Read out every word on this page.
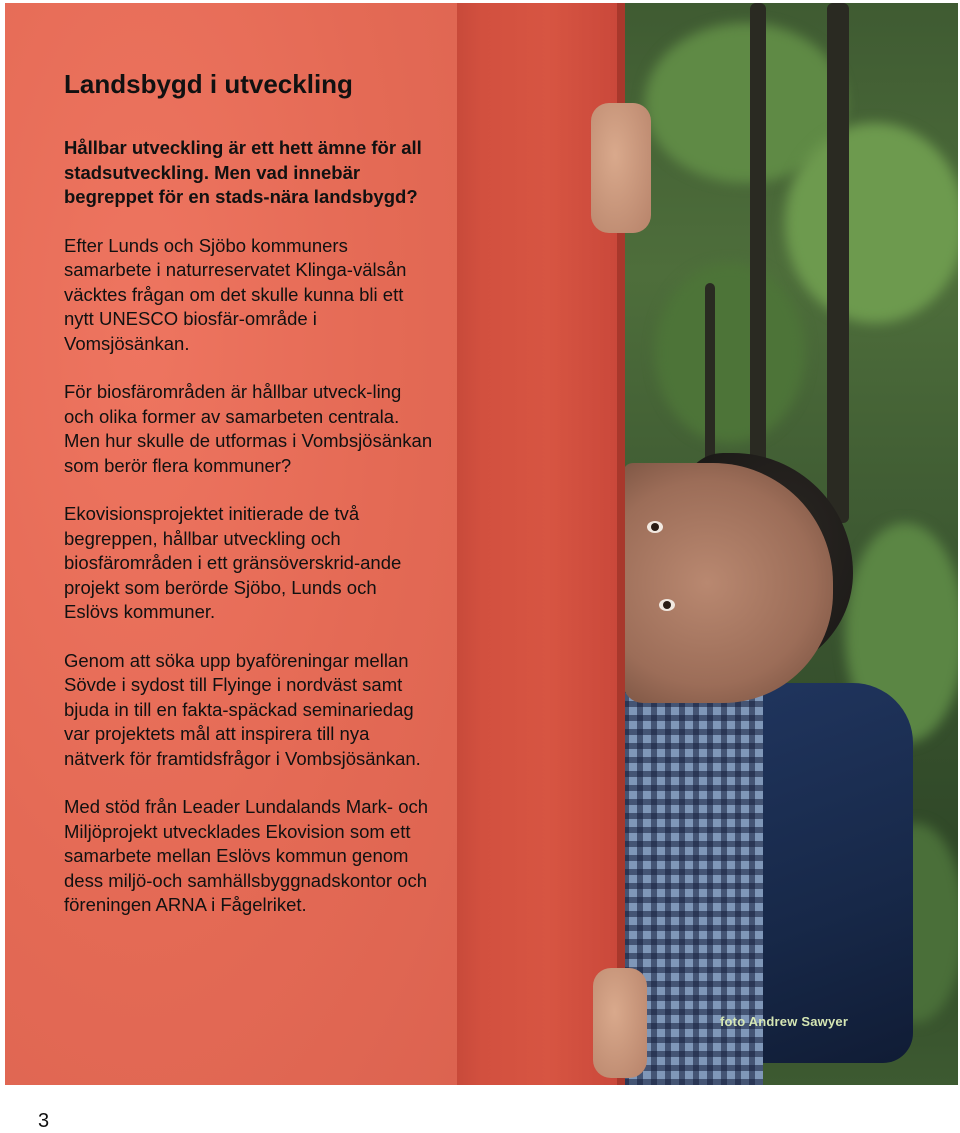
foto Andrew Sawyer
Landsbygd i utveckling

Hållbar utveckling är ett hett ämne för all stadsutveckling. Men vad innebär begreppet för en stads-nära landsbygd?

Efter Lunds och Sjöbo kommuners samarbete i naturreservatet Klinga-välsån väcktes frågan om det skulle kunna bli ett nytt UNESCO biosfär-område i Vomsjösänkan.

För biosfärområden är hållbar utveck-ling och olika former av samarbeten centrala. Men hur skulle de utformas i Vombsjösänkan som berör flera kommuner?

Ekovisionsprojektet initierade de två begreppen, hållbar utveckling och biosfärområden i ett gränsöverskrid-ande projekt som berörde Sjöbo, Lunds och Eslövs kommuner.

Genom att söka upp byaföreningar mellan Sövde i sydost till Flyinge i nordväst samt bjuda in till en fakta-späckad seminariedag var projektets mål att inspirera till nya nätverk för framtidsfrågor i Vombsjösänkan.

Med stöd från Leader Lundalands Mark- och Miljöprojekt utvecklades Ekovision som ett samarbete mellan Eslövs kommun genom dess miljö-och samhällsbyggnadskontor och föreningen ARNA i Fågelriket.

3
